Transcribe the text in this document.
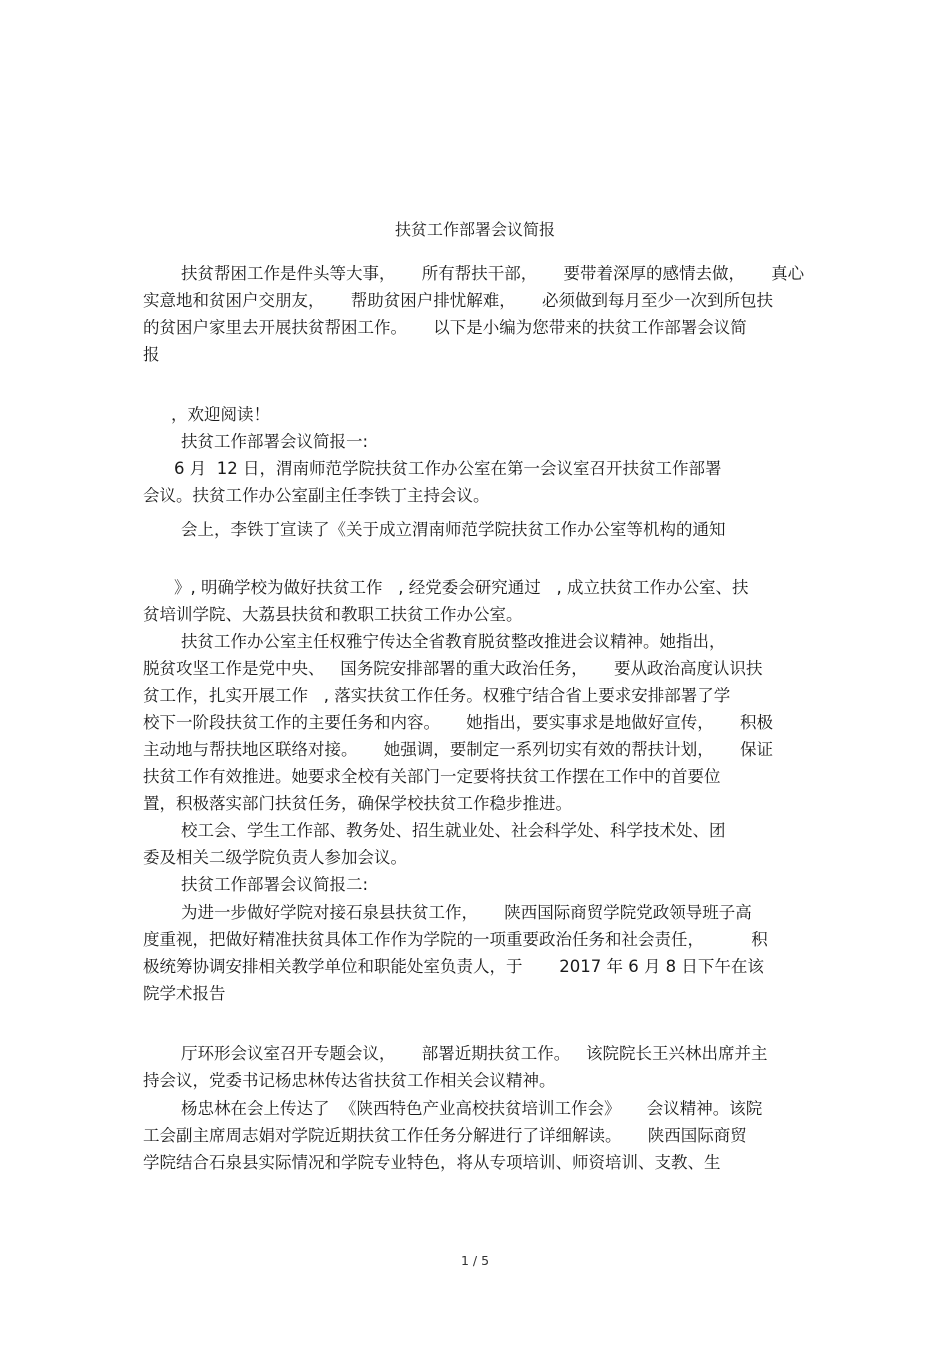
扶贫工作部署会议简报
扶贫帮困工作是件头等大事，     所有帮扶干部，     要带着深厚的感情去做，     真心
实意地和贫困户交朋友，     帮助贫困户排忧解难，     必须做到每月至少一次到所包扶
的贫困户家里去开展扶贫帮困工作。     以下是小编为您带来的扶贫工作部署会议简
报
，欢迎阅读！
扶贫工作部署会议简报一:
6 月  12 日，渭南师范学院扶贫工作办公室在第一会议室召开扶贫工作部署
会议。扶贫工作办公室副主任李铁丁主持会议。
会上，李铁丁宣读了《关于成立渭南师范学院扶贫工作办公室等机构的通知
》, 明确学校为做好扶贫工作   , 经党委会研究通过   , 成立扶贫工作办公室、扶
贫培训学院、大荔县扶贫和教职工扶贫工作办公室。
扶贫工作办公室主任权雅宁传达全省教育脱贫整改推进会议精神。她指出，
脱贫攻坚工作是党中央、   国务院安排部署的重大政治任务，     要从政治高度认识扶
贫工作，扎实开展工作   , 落实扶贫工作任务。权雅宁结合省上要求安排部署了学
校下一阶段扶贫工作的主要任务和内容。     她指出，要实事求是地做好宣传，     积极
主动地与帮扶地区联络对接。     她强调，要制定一系列切实有效的帮扶计划，     保证
扶贫工作有效推进。她要求全校有关部门一定要将扶贫工作摆在工作中的首要位
置，积极落实部门扶贫任务，确保学校扶贫工作稳步推进。
校工会、学生工作部、教务处、招生就业处、社会科学处、科学技术处、团
委及相关二级学院负责人参加会议。
扶贫工作部署会议简报二:
为进一步做好学院对接石泉县扶贫工作，     陕西国际商贸学院党政领导班子高
度重视，把做好精准扶贫具体工作作为学院的一项重要政治任务和社会责任，         积
极统筹协调安排相关教学单位和职能处室负责人，于       2017 年 6 月 8 日下午在该
院学术报告
厅环形会议室召开专题会议，     部署近期扶贫工作。   该院院长王兴林出席并主
持会议，党委书记杨忠林传达省扶贫工作相关会议精神。
杨忠林在会上传达了  《陕西特色产业高校扶贫培训工作会》     会议精神。该院
工会副主席周志娟对学院近期扶贫工作任务分解进行了详细解读。     陕西国际商贸
学院结合石泉县实际情况和学院专业特色，将从专项培训、师资培训、支教、生
1 / 5
